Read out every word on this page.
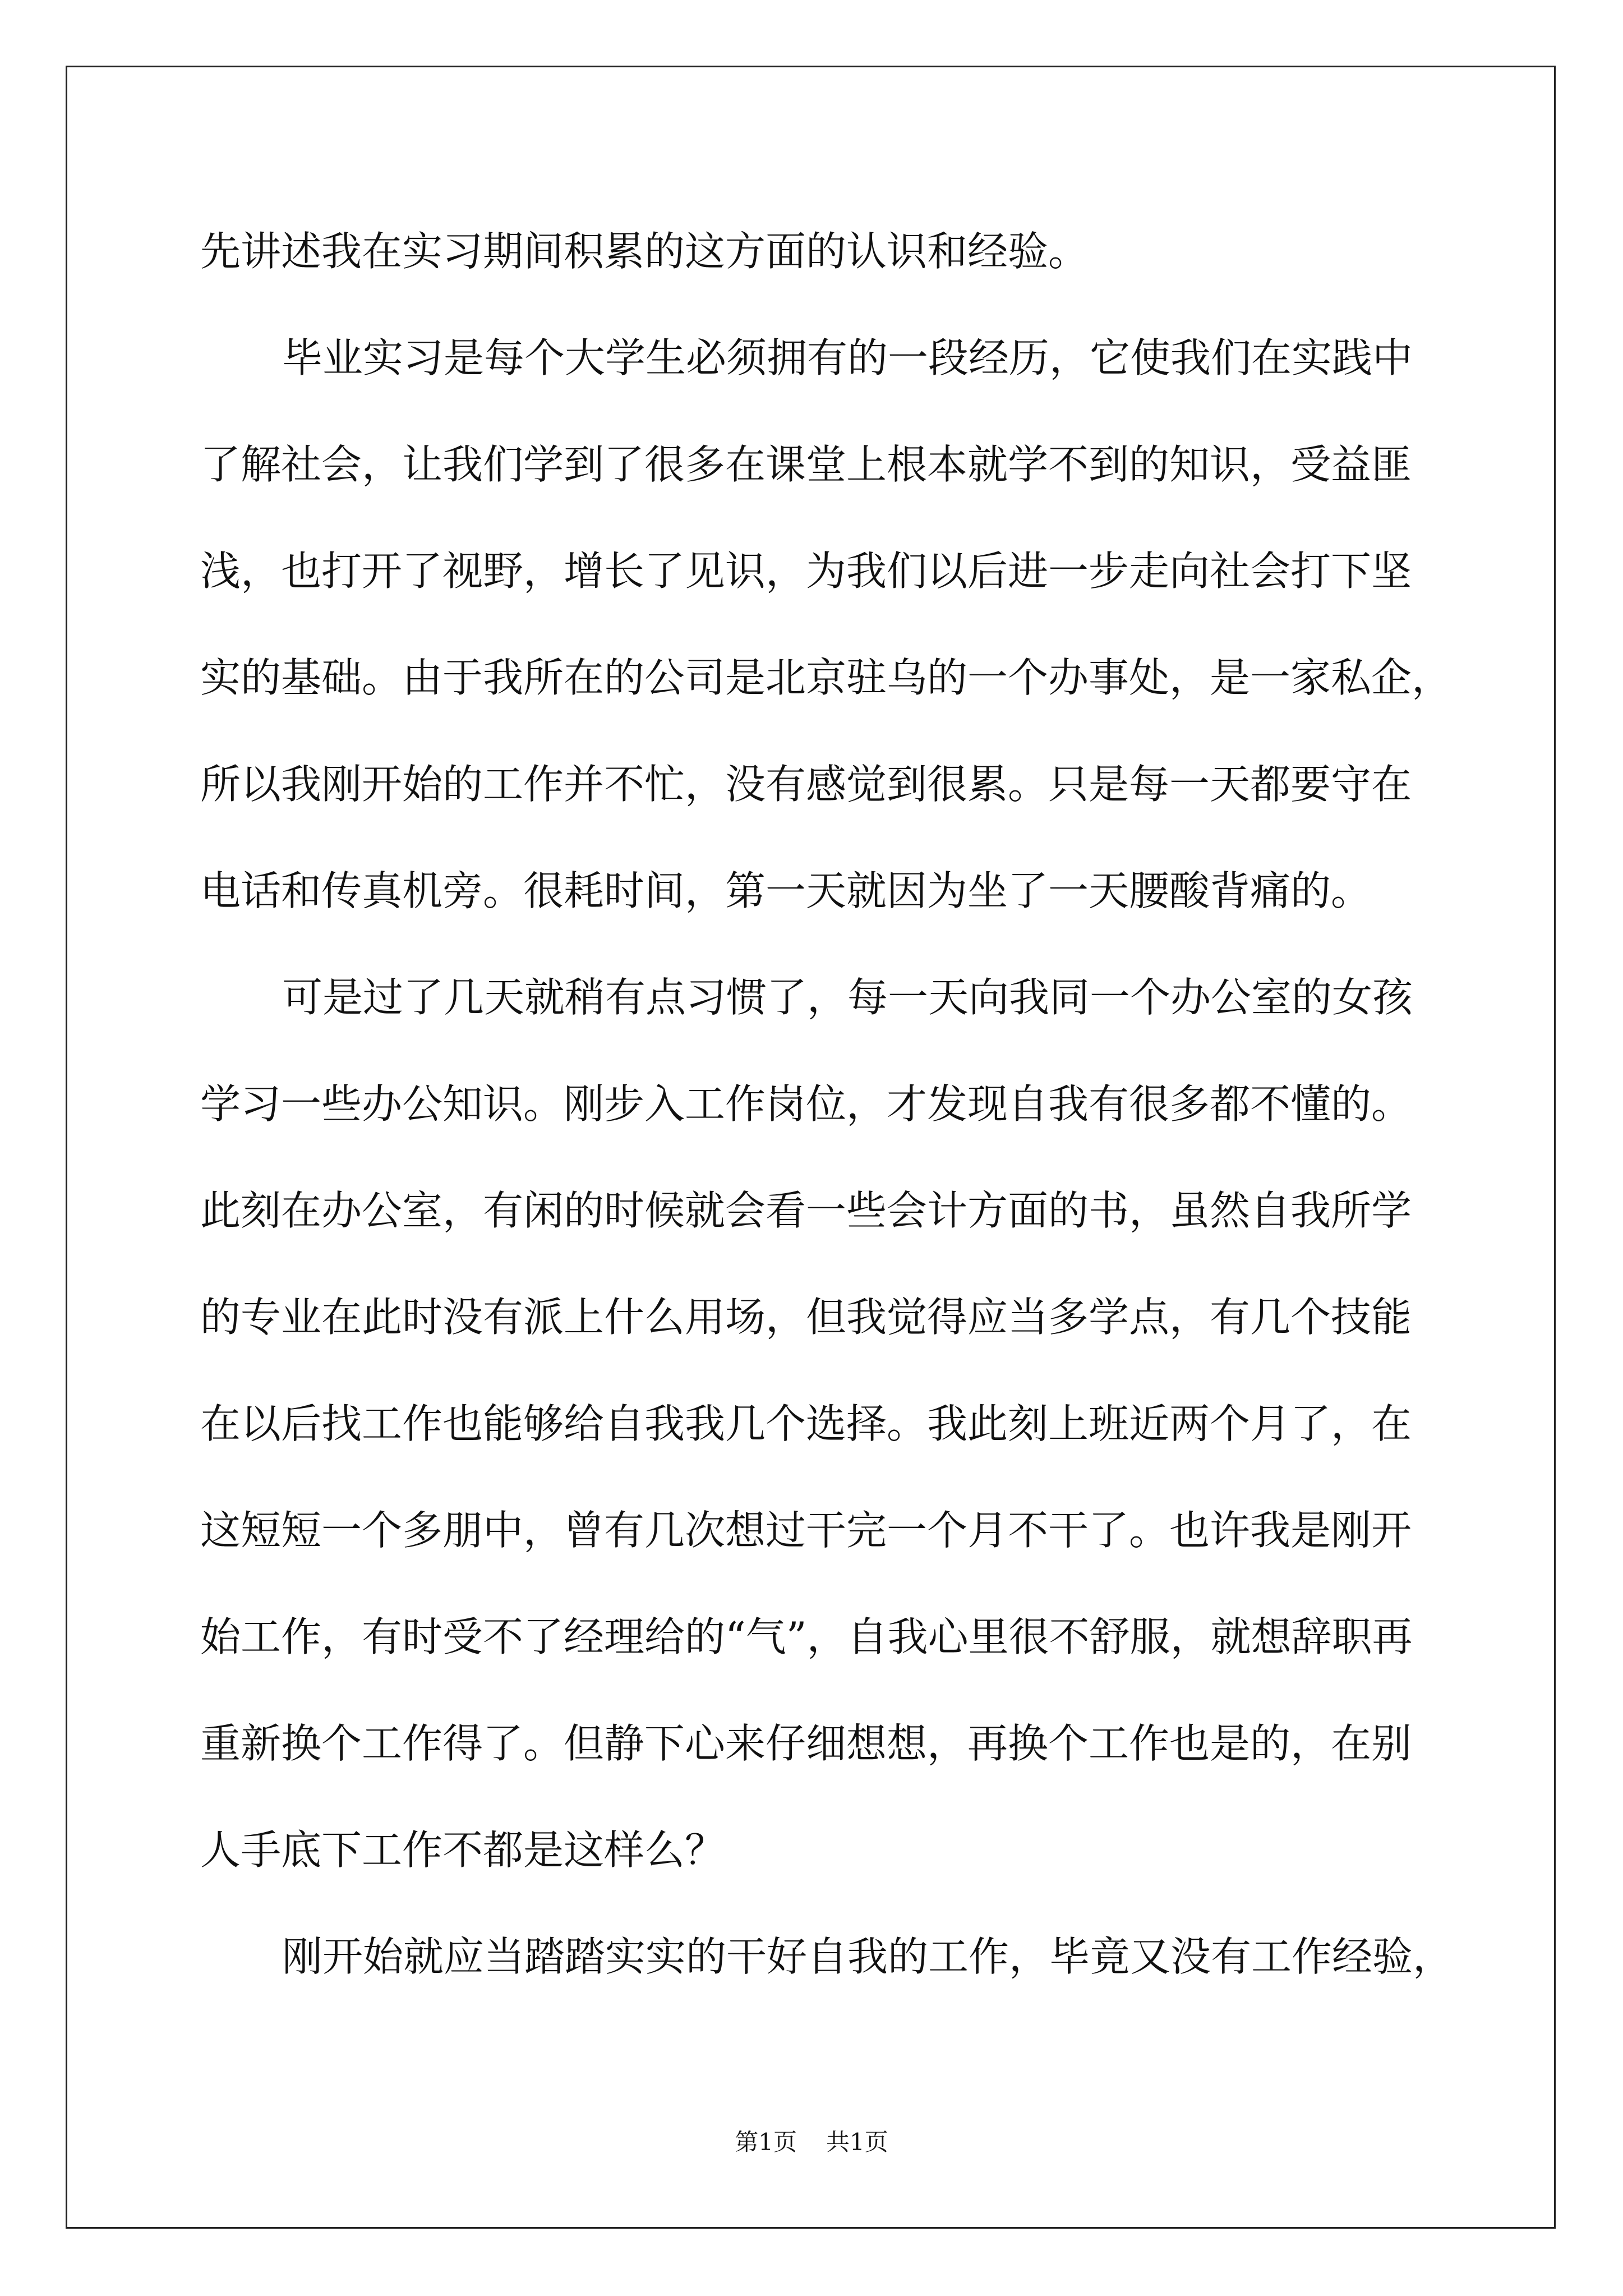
先讲述我在实习期间积累的这方面的认识和经验。
毕业实习是每个大学生必须拥有的一段经历，它使我们在实践中
了解社会，让我们学到了很多在课堂上根本就学不到的知识，受益匪
浅，也打开了视野，增长了见识，为我们以后进一步走向社会打下坚
实的基础。由于我所在的公司是北京驻乌的一个办事处，是一家私企，
所以我刚开始的工作并不忙，没有感觉到很累。只是每一天都要守在
电话和传真机旁。很耗时间，第一天就因为坐了一天腰酸背痛的。
可是过了几天就稍有点习惯了，每一天向我同一个办公室的女孩
学习一些办公知识。刚步入工作岗位，才发现自我有很多都不懂的。
此刻在办公室，有闲的时候就会看一些会计方面的书，虽然自我所学
的专业在此时没有派上什么用场，但我觉得应当多学点，有几个技能
在以后找工作也能够给自我我几个选择。我此刻上班近两个月了，在
这短短一个多朋中，曾有几次想过干完一个月不干了。也许我是刚开
始工作，有时受不了经理给的“气”，自我心里很不舒服，就想辞职再
重新换个工作得了。但静下心来仔细想想，再换个工作也是的，在别
人手底下工作不都是这样么？
刚开始就应当踏踏实实的干好自我的工作，毕竟又没有工作经验，
第1页 共1页
